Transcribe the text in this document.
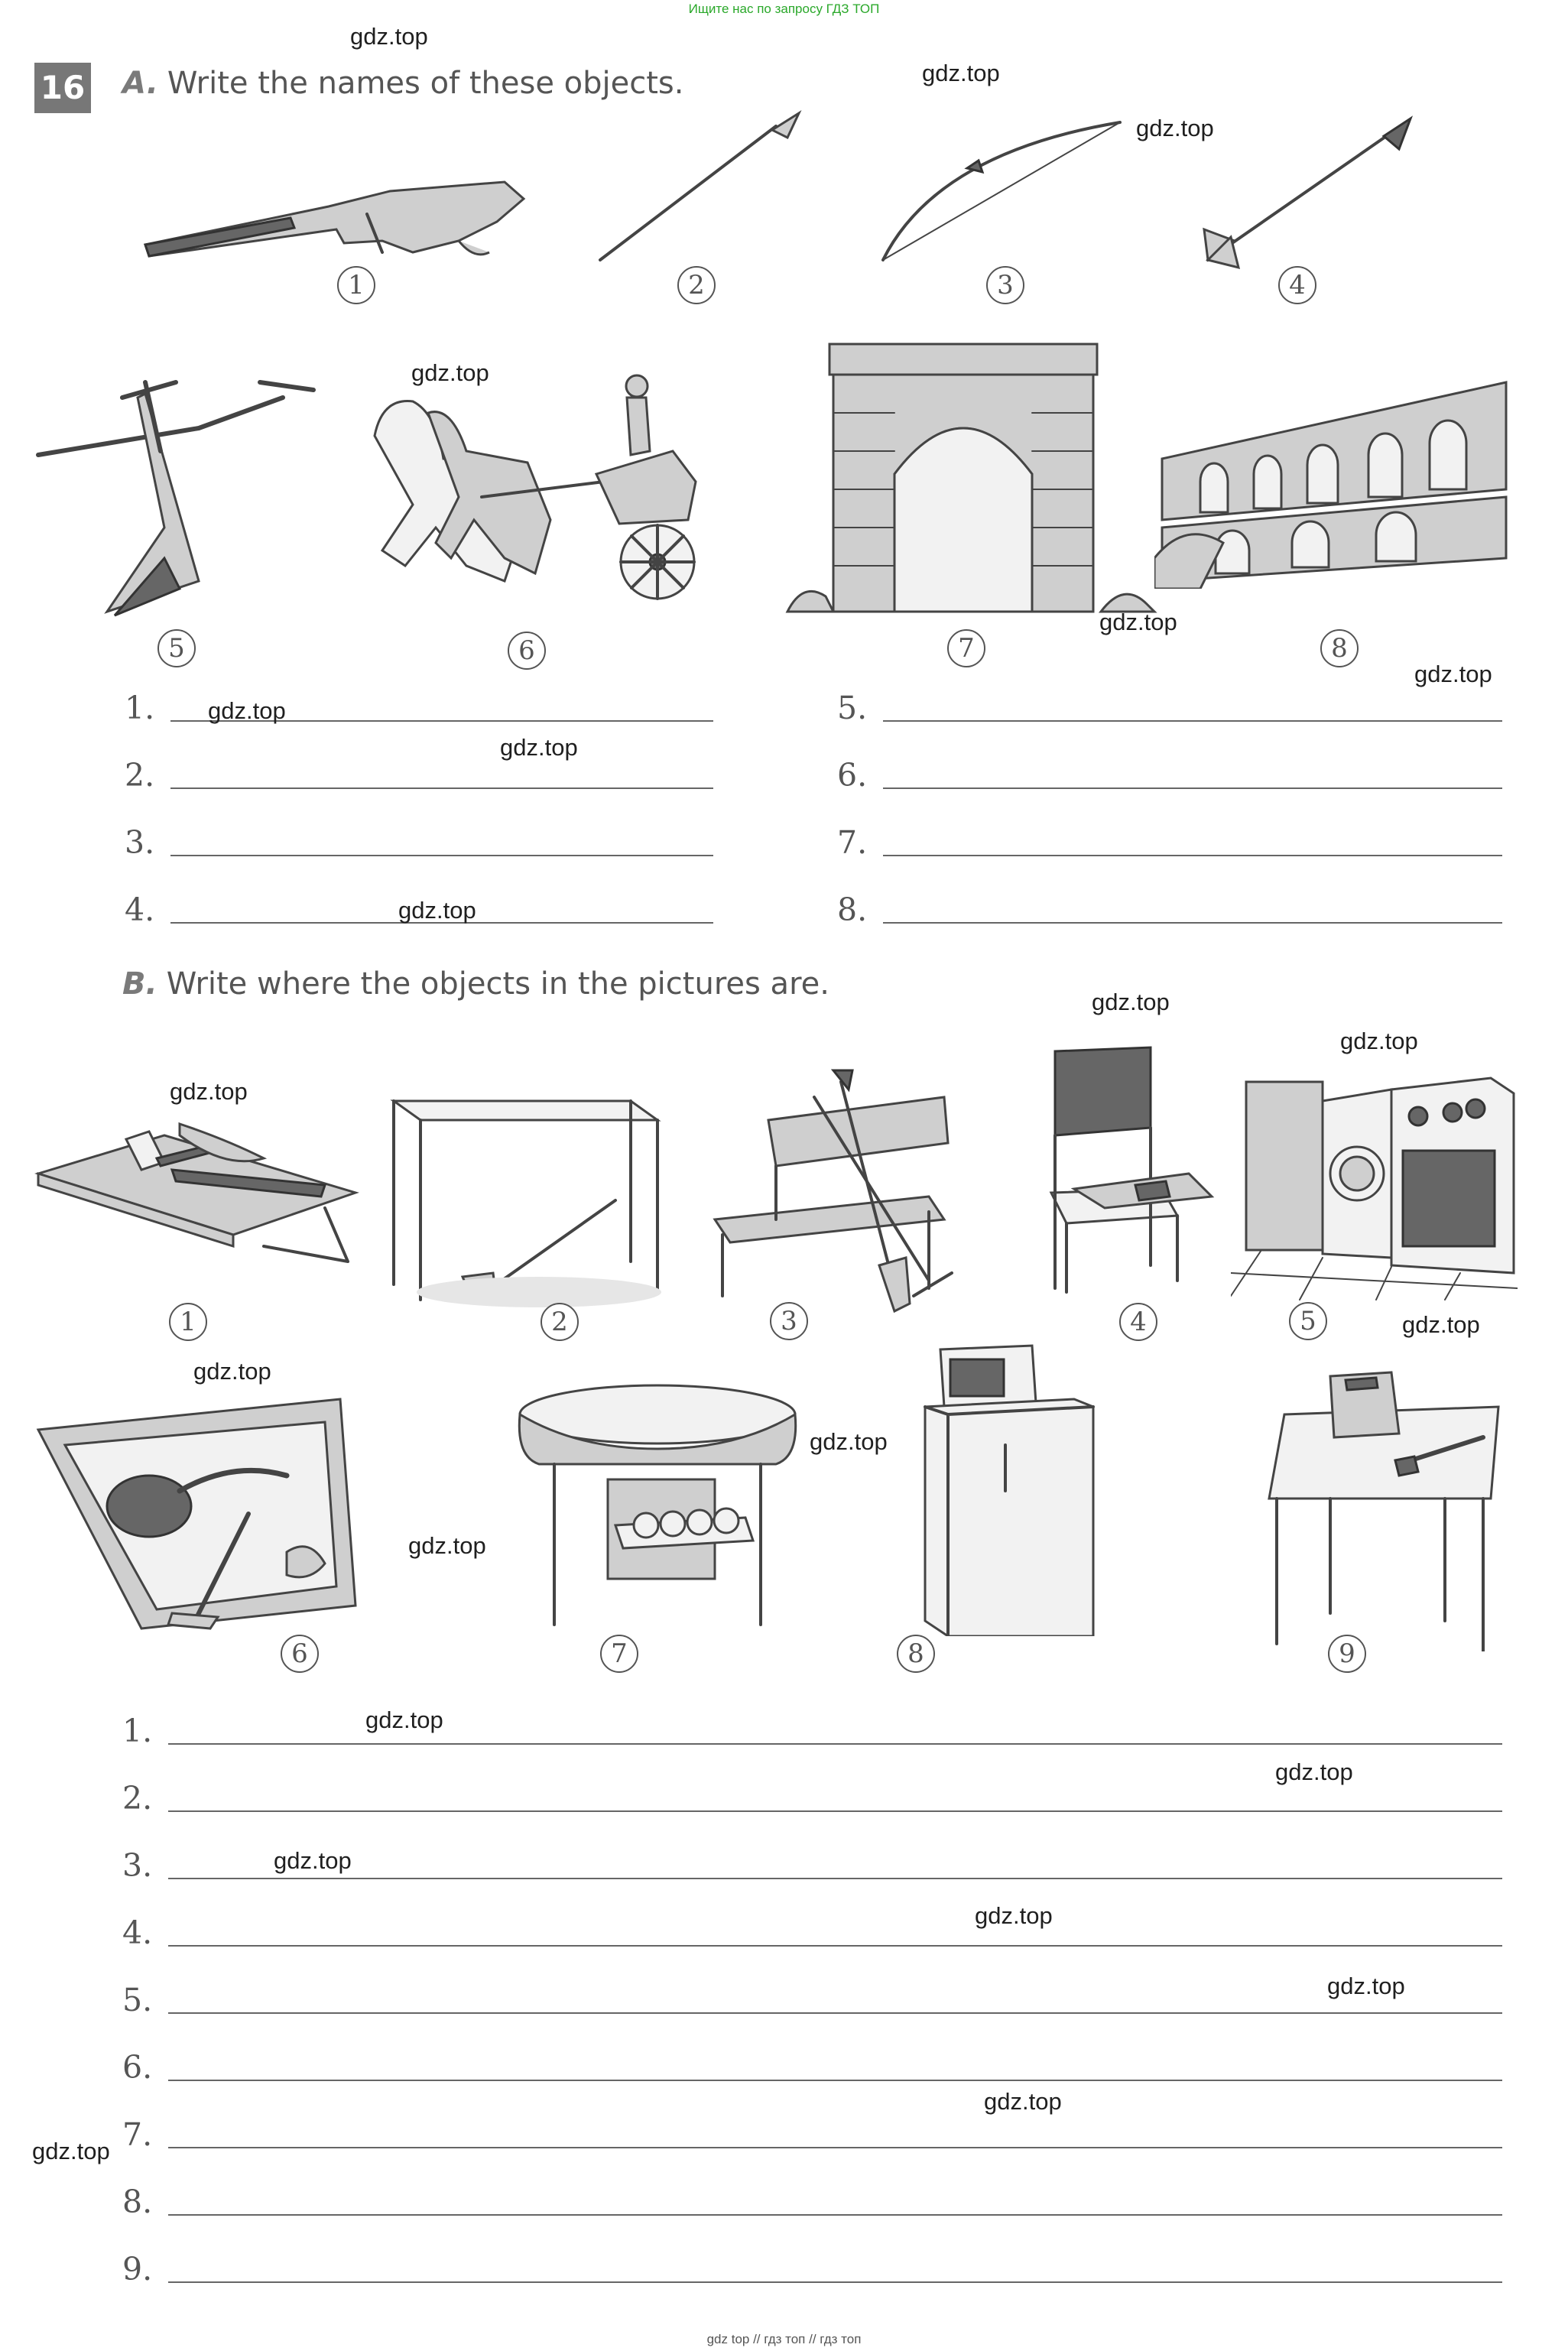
Ищите нас по запросу ГДЗ ТОП
gdz top // гдз топ // гдз топ
16 A. Write the names of these objects.
1	2	3	4
5	6	7	8
1.
2.
3.
4.
5.
6.
7.
8.
B. Write where the objects in the pictures are.
1	2	3	4	5
6	7	8	9
1.
2.
3.
4.
5.
6.
7.
8.
9.
gdz.top
gdz.top
gdz.top
gdz.top
gdz.top
gdz.top
gdz.top
gdz.top
gdz.top
gdz.top
gdz.top
gdz.top
gdz.top
gdz.top
gdz.top
gdz.top
gdz.top
gdz.top
gdz.top
gdz.top
gdz.top
gdz.top
gdz.top
